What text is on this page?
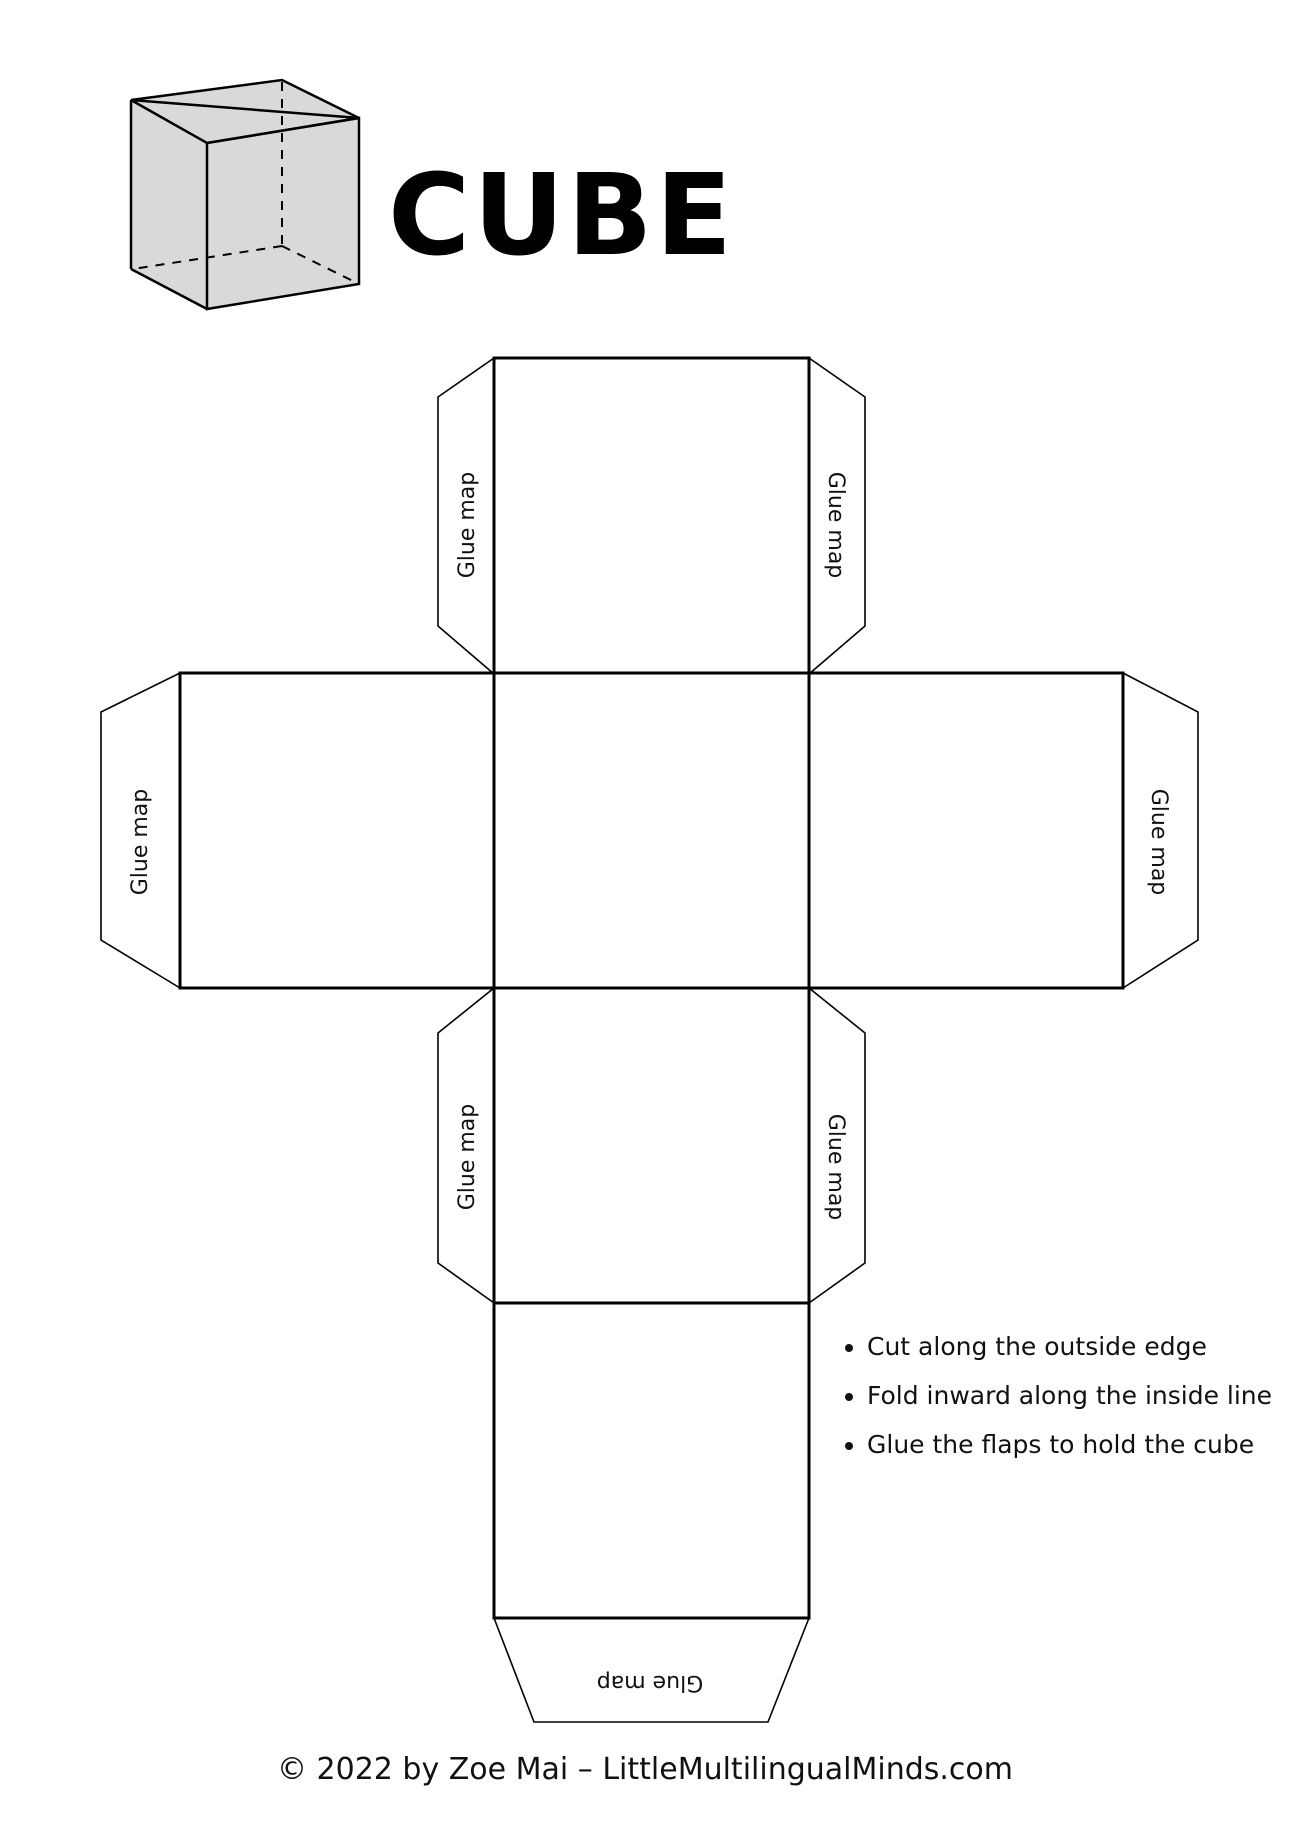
CUBE
Glue map	Glue map
Glue map	Glue map
Glue map	Glue map
Glue map
• Cut along the outside edge
• Fold inward along the inside line
• Glue the flaps to hold the cube
© 2022 by Zoe Mai – LittleMultilingualMinds.com
